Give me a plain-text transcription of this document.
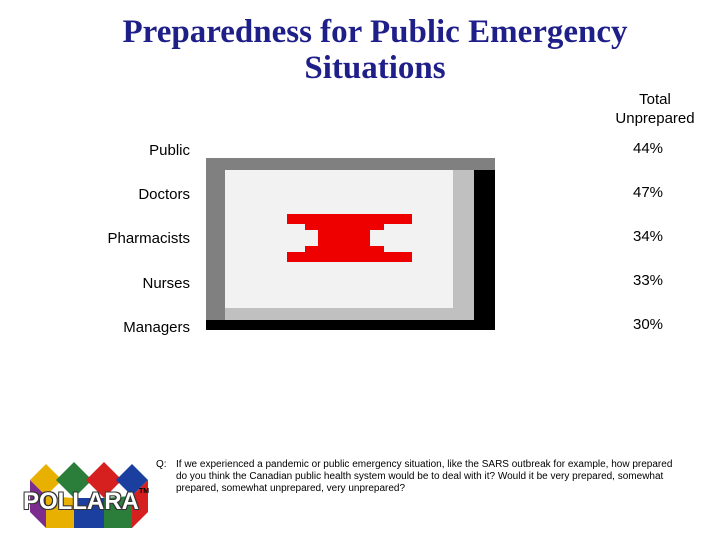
Preparedness for Public Emergency
Situations
Total
Unprepared
Public
Doctors
Pharmacists
Nurses
Managers
44%
47%
34%
33%
30%
Q: If we experienced a pandemic or public emergency situation, like the SARS outbreak for example, how prepared do you think the Canadian public health system would be to deal with it? Would it be very prepared, somewhat prepared, somewhat unprepared, very unprepared?
POLLARA™
